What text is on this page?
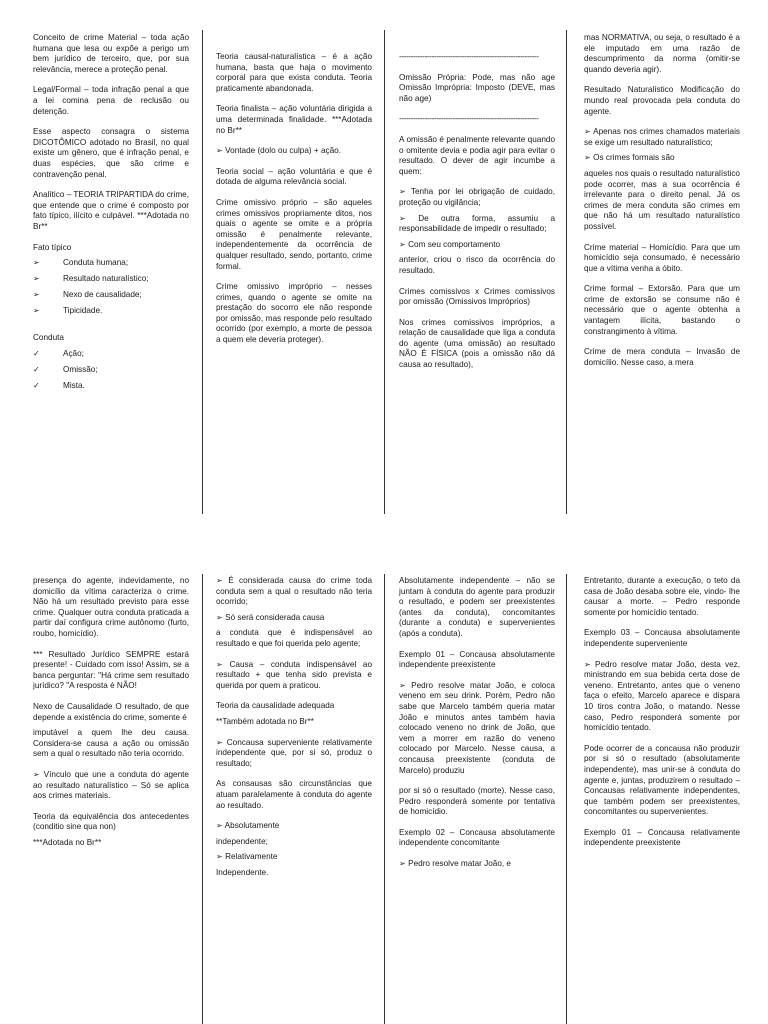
Conceito de crime Material – toda ação humana que lesa ou expõe a perigo um bem jurídico de terceiro, que, por sua relevância, merece a proteção penal.

Legal/Formal – toda infração penal a que a lei comina pena de reclusão ou detenção.

Esse aspecto consagra o sistema DICOTÔMICO adotado no Brasil, no qual existe um gênero, que é infração penal, e duas espécies, que são crime e contravenção penal.

Analítico – TEORIA TRIPARTIDA do crime, que entende que o crime é composto por fato típico, ilícito e culpável. ***Adotada no Br**

Fato típico

➢	Conduta humana;
➢	Resultado naturalístico;
➢	Nexo de causalidade;
➢	Tipicidade.

Conduta

✓	Ação;
✓	Omissão;
✓	Mista.

Teoria causal-naturalística – é a ação humana, basta que haja o movimento corporal para que exista conduta. Teoria praticamente abandonada.

Teoria finalista – ação voluntária dirigida a uma determinada finalidade. ***Adotada no Br**

➢ Vontade (dolo ou culpa) + ação.

Teoria social – ação voluntária e que é dotada de alguma relevância social.

Crime omissivo próprio – são aqueles crimes omissivos propriamente ditos, nos quais o agente se omite e a própria omissão é penalmente relevante, independentemente da ocorrência de qualquer resultado, sendo, portanto, crime formal.

Crime omissivo impróprio – nesses crimes, quando o agente se omite na prestação do socorro ele não responde por omissão, mas responde pelo resultado ocorrido (por exemplo, a morte de pessoa a quem ele deveria proteger).

------------------------------------------------------------

Omissão Própria: Pode, mas não age Omissão Imprópria: Imposto (DEVE, mas não age)

------------------------------------------------------------

A omissão é penalmente relevante quando o omitente devia e podia agir para evitar o resultado. O dever de agir incumbe a quem:

➢ Tenha por lei obrigação de cuidado, proteção ou vigilância;

➢ De outra forma, assumiu a responsabilidade de impedir o resultado;

➢ Com seu comportamento

anterior, criou o risco da ocorrência do resultado.

Crimes comissivos x Crimes comissivos por omissão (Omissivos Impróprios)

Nos crimes comissivos impróprios, a relação de causalidade que liga a conduta do agente (uma omissão) ao resultado NÃO É FÍSICA (pois a omissão não dá causa ao resultado),

mas NORMATIVA, ou seja, o resultado é a ele imputado em uma razão de descumprimento da norma (omitir-se quando deveria agir).

Resultado Naturalístico Modificação do mundo real provocada pela conduta do agente.

➢ Apenas nos crimes chamados materiais se exige um resultado naturalístico;

➢ Os crimes formais são

aqueles nos quais o resultado naturalístico pode ocorrer, mas a sua ocorrência é irrelevante para o direito penal. Já os crimes de mera conduta são crimes em que não há um resultado naturalístico possível.

Crime material – Homicídio. Para que um homicídio seja consumado, é necessário que a vítima venha a óbito.

Crime formal – Extorsão. Para que um crime de extorsão se consume não é necessário que o agente obtenha a vantagem ilícita, bastando o constrangimento à vítima.

Crime de mera conduta – Invasão de domicílio. Nesse caso, a mera

presença do agente, indevidamente, no domicílio da vítima caracteriza o crime. Não há um resultado previsto para esse crime. Qualquer outra conduta praticada a partir daí configura crime autônomo (furto, roubo, homicídio).

*** Resultado Jurídico SEMPRE estará presente! - Cuidado com isso! Assim, se a banca perguntar: "Há crime sem resultado jurídico? "A resposta é NÃO!

Nexo de Causalidade O resultado, de que depende a existência do crime, somente é

imputável a quem lhe deu causa. Considera-se causa a ação ou omissão sem a qual o resultado não teria ocorrido.

➢ Vínculo que une a conduta do agente ao resultado naturalístico – Só se aplica aos crimes materiais.

Teoria da equivalência dos antecedentes (conditio sine qua non)

***Adotada no Br**

➢ É considerada causa do crime toda conduta sem a qual o resultado não teria ocorrido;

➢ Só será considerada causa

a conduta que é indispensável ao resultado e que foi querida pelo agente;

➢ Causa – conduta indispensável ao resultado + que tenha sido prevista e querida por quem a praticou.

Teoria da causalidade adequada

**Também adotada no Br**

➢ Concausa superveniente relativamente independente que, por si só, produz o resultado;

As consausas são circunstâncias que atuam paralelamente à conduta do agente ao resultado.

➢ Absolutamente

independente;

➢ Relativamente

Independente.

Absolutamente independente – não se juntam à conduta do agente para produzir o resultado, e podem ser preexistentes (antes da conduta), concomitantes (durante a conduta) e supervenientes (após a conduta).

Exemplo 01 – Concausa absolutamente independente preexistente

➢ Pedro resolve matar João, e coloca veneno em seu drink. Porém, Pedro não sabe que Marcelo também queria matar João e minutos antes também havia colocado veneno no drink de João, que vem a morrer em razão do veneno colocado por Marcelo. Nesse causa, a concausa preexistente (conduta de Marcelo) produziu

por si só o resultado (morte). Nesse caso, Pedro responderá somente por tentativa de homicídio.

Exemplo 02 – Concausa absolutamente independente concomitante

➢ Pedro resolve matar João, e

Entretanto, durante a execução, o teto da casa de João desaba sobre ele, vindo- lhe causar a morte. – Pedro responde somente por homicídio tentado.

Exemplo 03 – Concausa absolutamente independente superveniente

➢ Pedro resolve matar João, desta vez, ministrando em sua bebida certa dose de veneno. Entretanto, antes que o veneno faça o efeito, Marcelo aparece e dispara 10 tiros contra João, o matando. Nesse caso, Pedro responderá somente por homicídio tentado.

Pode ocorrer de a concausa não produzir por si só o resultado (absolutamente independente), mas unir-se à conduta do agente e, juntas, produzirem o resultado – Concausas relativamente independentes, que também podem ser preexistentes, concomitantes ou supervenientes.

Exemplo 01 – Concausa relativamente independente preexistente
